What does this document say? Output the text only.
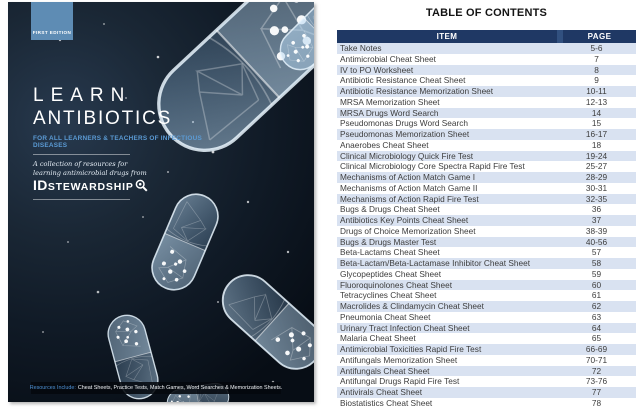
FIRST EDITION
LEARN
ANTIBIOTICS
FOR ALL LEARNERS & TEACHERS OF INFECTIOUS DISEASES
A collection of resources for
learning antimicrobial drugs from
ID STEWARDSHIP
Resources Include: Cheat Sheets, Practice Tests, Match Games, Word Searches & Memorization Sheets.
TABLE OF CONTENTS
ITEM	PAGE
Take Notes	5-6
Antimicrobial Cheat Sheet	7
IV to PO Worksheet	8
Antibiotic Resistance Cheat Sheet	9
Antibiotic Resistance Memorization Sheet	10-11
MRSA Memorization Sheet	12-13
MRSA Drugs Word Search	14
Pseudomonas Drugs Word Search	15
Pseudomonas Memorization Sheet	16-17
Anaerobes Cheat Sheet	18
Clinical Microbiology Quick Fire Test	19-24
Clinical Microbiology Core Spectra Rapid Fire Test	25-27
Mechanisms of Action Match Game I	28-29
Mechanisms of Action Match Game II	30-31
Mechanisms of Action Rapid Fire Test	32-35
Bugs & Drugs Cheat Sheet	36
Antibiotics Key Points Cheat Sheet	37
Drugs of Choice Memorization Sheet	38-39
Bugs & Drugs Master Test	40-56
Beta-Lactams Cheat Sheet	57
Beta-Lactam/Beta-Lactamase Inhibitor Cheat Sheet	58
Glycopeptides Cheat Sheet	59
Fluoroquinolones Cheat Sheet	60
Tetracyclines Cheat Sheet	61
Macrolides & Clindamycin Cheat Sheet	62
Pneumonia Cheat Sheet	63
Urinary Tract Infection Cheat Sheet	64
Malaria Cheat Sheet	65
Antimicrobial Toxicities Rapid Fire Test	66-69
Antifungals Memorization Sheet	70-71
Antifungals Cheat Sheet	72
Antifungal Drugs Rapid Fire Test	73-76
Antivirals Cheat Sheet	77
Biostatistics Cheat Sheet	78
